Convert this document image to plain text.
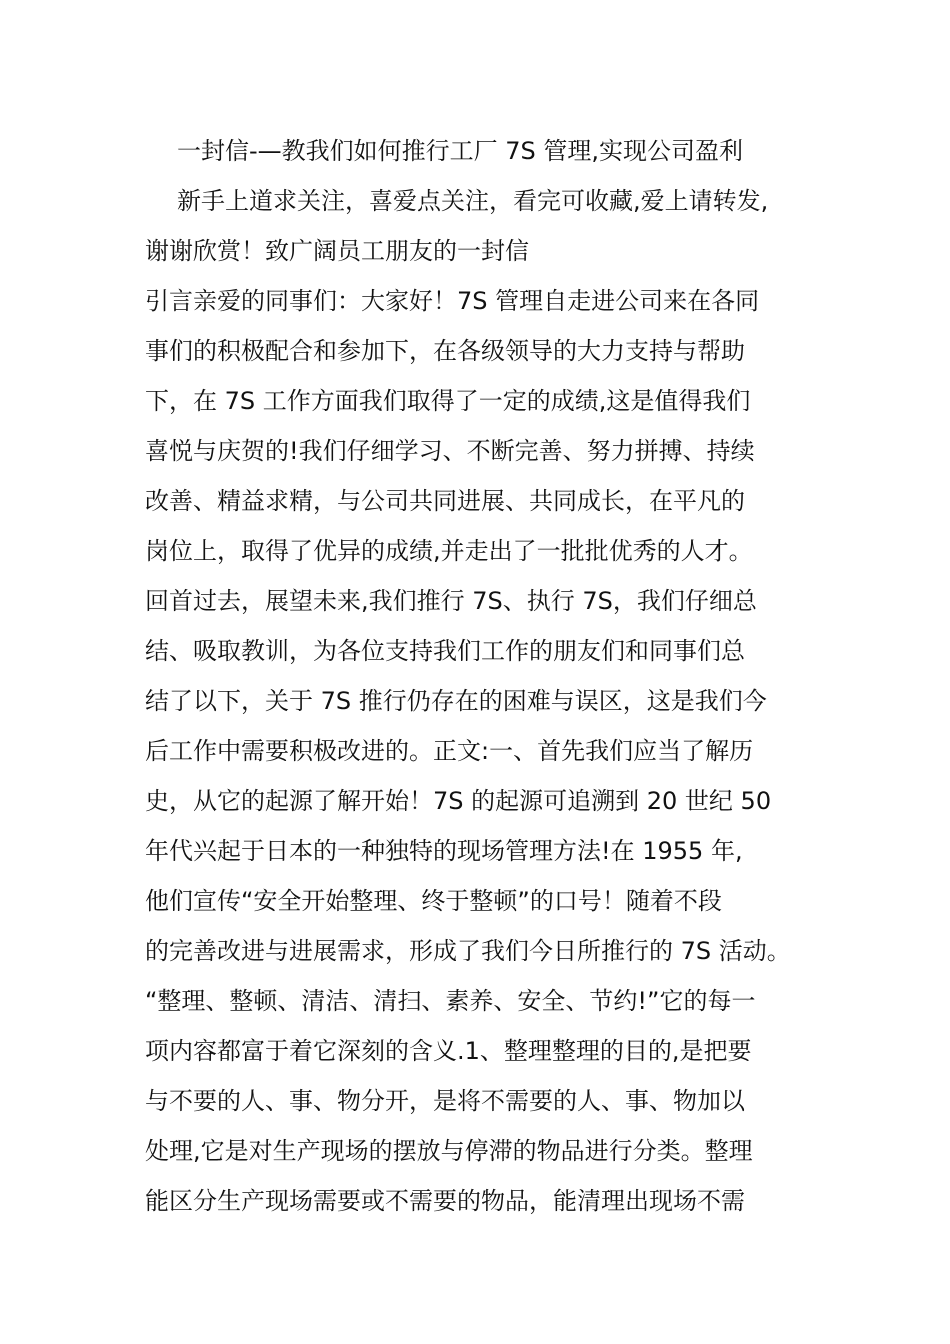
一封信-—教我们如何推行工厂 7S 管理,实现公司盈利
新手上道求关注，喜爱点关注，看完可收藏,爱上请转发,
谢谢欣赏！致广阔员工朋友的一封信
引言亲爱的同事们：大家好！7S 管理自走进公司来在各同
事们的积极配合和参加下，在各级领导的大力支持与帮助
下，在 7S 工作方面我们取得了一定的成绩,这是值得我们
喜悦与庆贺的!我们仔细学习、不断完善、努力拼搏、持续
改善、精益求精，与公司共同进展、共同成长，在平凡的
岗位上，取得了优异的成绩,并走出了一批批优秀的人才。
回首过去，展望未来,我们推行 7S、执行 7S，我们仔细总
结、吸取教训，为各位支持我们工作的朋友们和同事们总
结了以下，关于 7S 推行仍存在的困难与误区，这是我们今
后工作中需要积极改进的。正文:一、首先我们应当了解历
史，从它的起源了解开始！7S 的起源可追溯到 20 世纪 50
年代兴起于日本的一种独特的现场管理方法!在 1955 年,
他们宣传“安全开始整理、终于整顿”的口号！随着不段
的完善改进与进展需求，形成了我们今日所推行的 7S 活动。
“整理、整顿、清洁、清扫、素养、安全、节约!”它的每一
项内容都富于着它深刻的含义.1、整理整理的目的,是把要
与不要的人、事、物分开，是将不需要的人、事、物加以
处理,它是对生产现场的摆放与停滞的物品进行分类。整理
能区分生产现场需要或不需要的物品，能清理出现场不需
